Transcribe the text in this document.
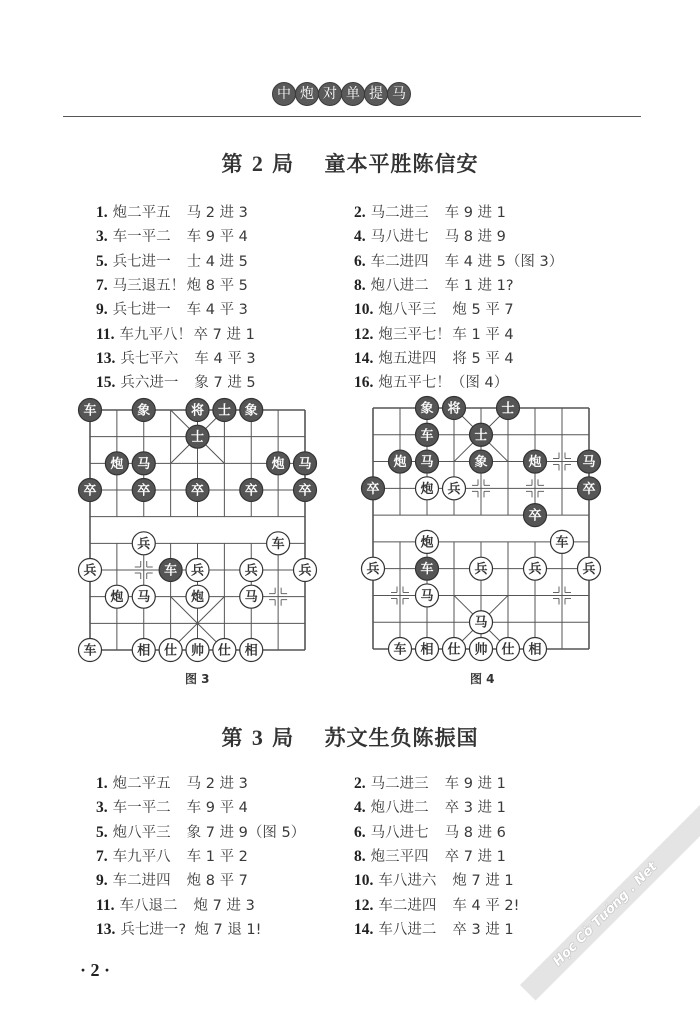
中 炮 对 单 提 马
第 2 局 童本平胜陈信安
1. 炮二平五 马 2 进 3	2. 马二进三 车 9 进 1
3. 车一平二 车 9 平 4	4. 马八进七 马 8 进 9
5. 兵七进一 士 4 进 5	6. 车二进四 车 4 进 5（图 3）
7. 马三退五！ 炮 8 平 5	8. 炮八进二 车 1 进 1?
9. 兵七进一 车 4 平 3	10. 炮八平三 炮 5 平 7
11. 车九平八！ 卒 7 进 1	12. 炮三平七！ 车 1 平 4
13. 兵七平六 车 4 平 3	14. 炮五进四 将 5 平 4
15. 兵六进一 象 7 进 5	16. 炮五平七！（图 4）
车	象	将 士 象
士
炮 马	炮 马
卒	卒	卒	卒	卒
兵	车
兵	车 兵	兵	兵
炮 马	炮	马
车	相 仕 帅 仕 相
图 3
象 将	士
车	士
炮 马	象	炮	马
卒	炮 兵	卒
卒
炮	车
兵	车	兵	兵	兵
马
马
车 相 仕 帅 仕 相
图 4
第 3 局 苏文生负陈振国
1. 炮二平五 马 2 进 3	2. 马二进三 车 9 进 1
3. 车一平二 车 9 平 4	4. 炮八进二 卒 3 进 1
5. 炮八平三 象 7 进 9（图 5）	6. 马八进七 马 8 进 6
7. 车九平八 车 1 平 2	8. 炮三平四 卒 7 进 1
9. 车二进四 炮 8 平 7	10. 车八进六 炮 7 进 1
11. 车八退二 炮 7 进 3	12. 车二进四 车 4 平 2!
13. 兵七进一? 炮 7 退 1!	14. 车八进二 卒 3 进 1
· 2 ·
Học Cờ Tướng . Net
